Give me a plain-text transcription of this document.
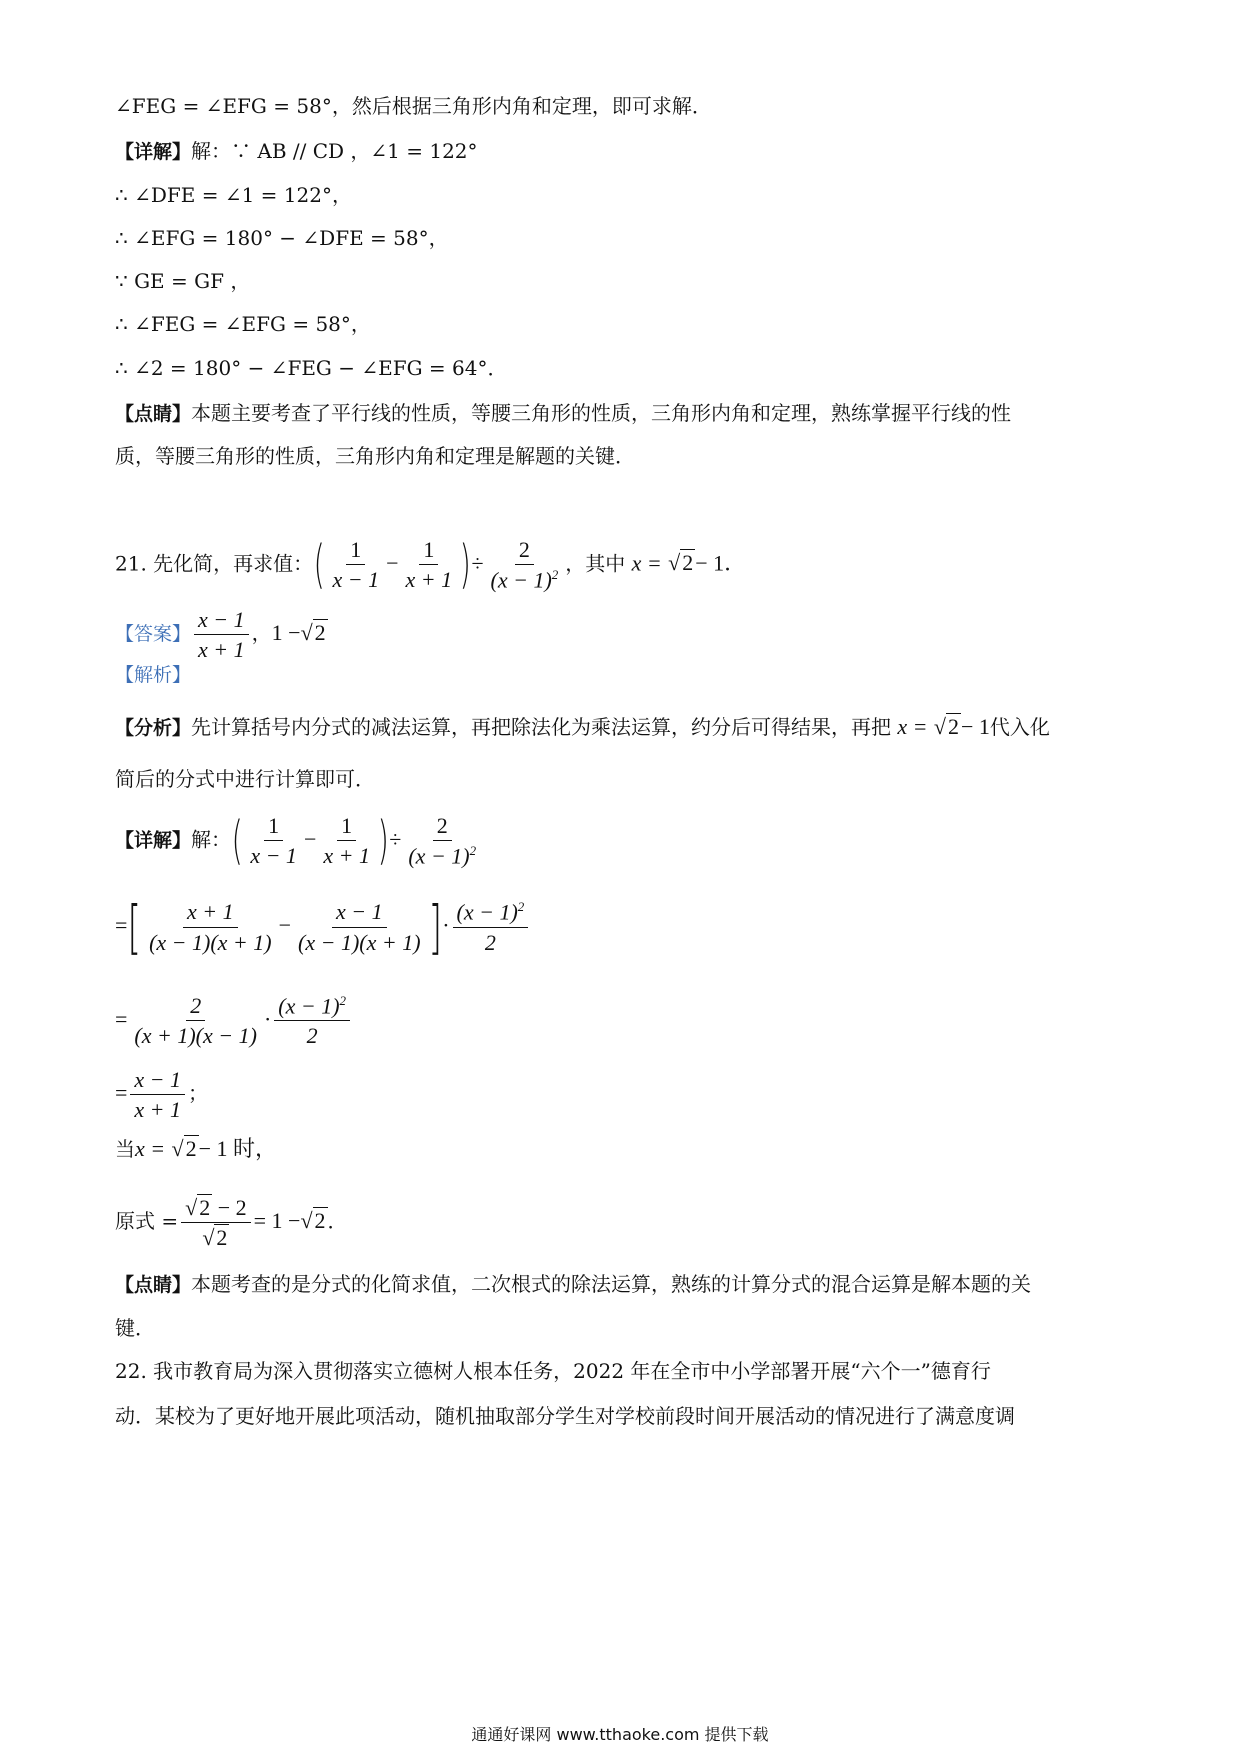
∠FEG = ∠EFG = 58°，然后根据三角形内角和定理，即可求解．
【详解】解：∵ AB // CD ，∠1 = 122°
∴ ∠DFE = ∠1 = 122°，
∴ ∠EFG = 180° − ∠DFE = 58°，
∵ GE = GF ，
∴ ∠FEG = ∠EFG = 58°，
∴ ∠2 = 180° − ∠FEG − ∠EFG = 64°．
【点睛】本题主要考查了平行线的性质，等腰三角形的性质，三角形内角和定理，熟练掌握平行线的性
质，等腰三角形的性质，三角形内角和定理是解题的关键．
21. 先化简，再求值：( $\frac{1}{x - 1} - \frac{1}{x + 1}$ )÷ $\frac{2}{(x - 1)^2}$ ，其中 x = √2− 1．
【答案】 $\frac{x - 1}{x + 1}$ ，1 −√2
【解析】
【分析】先计算括号内分式的减法运算，再把除法化为乘法运算，约分后可得结果，再把 x = √2− 1代入化
简后的分式中进行计算即可．
【详解】解：( $\frac{1}{x - 1} - \frac{1}{x + 1}$ )÷ $\frac{2}{(x - 1)^2}$
=[ $\frac{x + 1}{(x - 1)(x + 1)} - \frac{x - 1}{(x - 1)(x + 1)}$ ]· $\frac{(x - 1)^2}{2}$
= $\frac{2}{(x + 1)(x - 1)} \cdot \frac{(x - 1)^2}{2}$
= $\frac{x - 1}{x + 1}$ ；
当x = √2− 1 时，
原式 = $\frac{√2 - 2}{√2} = 1 -√2$ ．
【点睛】本题考查的是分式的化简求值，二次根式的除法运算，熟练的计算分式的混合运算是解本题的关
键．
22. 我市教育局为深入贯彻落实立德树人根本任务，2022 年在全市中小学部署开展“六个一”德育行
动．某校为了更好地开展此项活动，随机抽取部分学生对学校前段时间开展活动的情况进行了满意度调
通通好课网 www.tthaoke.com 提供下载
